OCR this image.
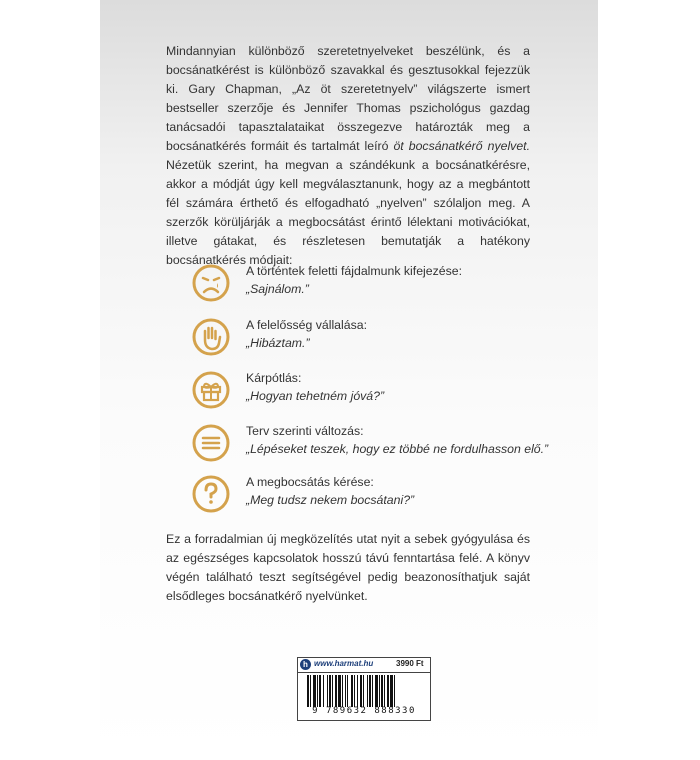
Mindannyian különböző szeretetnyelveket beszélünk, és a bocsánatkérést is különböző szavakkal és gesztusokkal fejezzük ki. Gary Chapman, „Az öt szeretetnyelv” világszerte ismert bestseller szerzője és Jennifer Thomas pszichológus gazdag tanácsadói tapasztalataikat összegezve határozták meg a bocsánatkérés formáit és tartalmát leíró öt bocsánatkérő nyelvet. Nézetük szerint, ha megvan a szándékunk a bocsánatkérésre, akkor a módját úgy kell megválasztanunk, hogy az a megbántott fél számára érthető és elfogadható „nyelven” szólaljon meg. A szerzők körüljárják a megbocsátást érintő lélektani motivációkat, illetve gátakat, és részletesen bemutatják a hatékony bocsánatkérés módjait:

A történtek feletti fájdalmunk kifejezése:
„Sajnálom.”
A felelősség vállalása:
„Hibáztam.”
Kárpótlás:
„Hogyan tehetném jóvá?”
Terv szerinti változás:
„Lépéseket teszek, hogy ez többé ne fordulhasson elő.”
A megbocsátás kérése:
„Meg tudsz nekem bocsátani?”

Ez a forradalmian új megközelítés utat nyit a sebek gyógyulása és az egészséges kapcsolatok hosszú távú fenntartása felé. A könyv végén található teszt segítségével pedig beazonosíthatjuk saját elsődleges bocsánatkérő nyelvünket.

h www.harmat.hu	3990 Ft
9 789632 888330
